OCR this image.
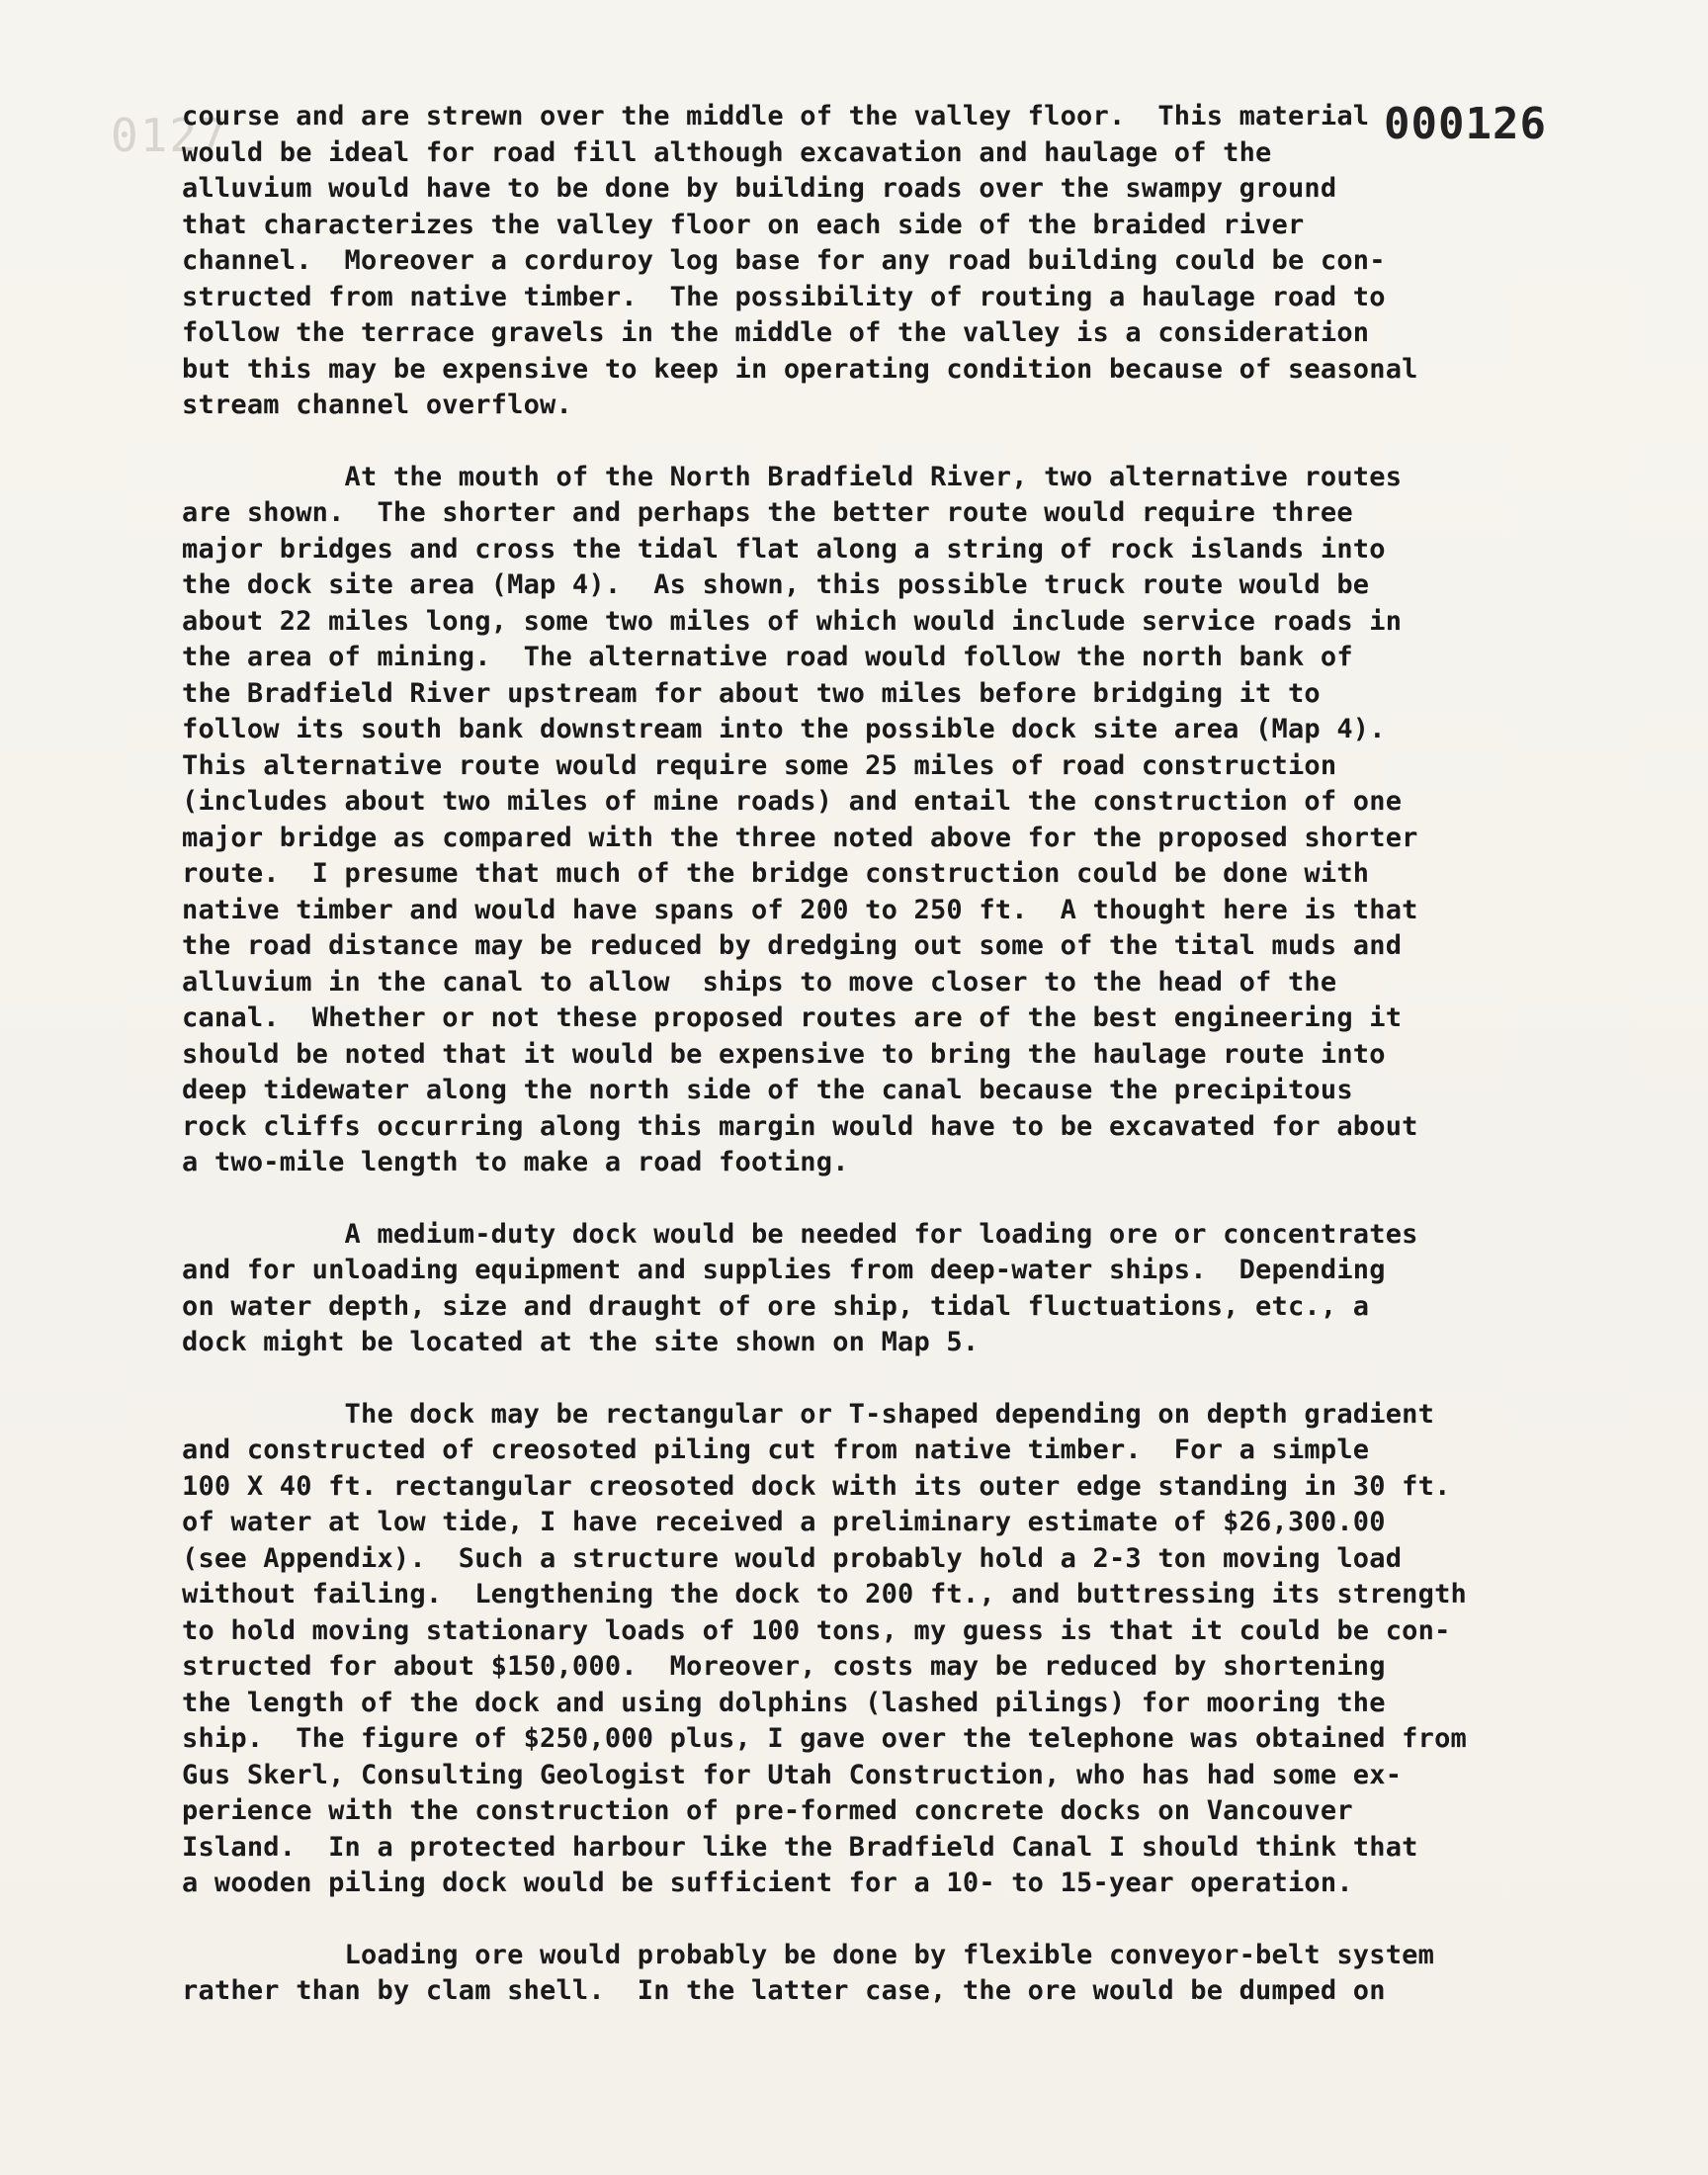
0127	000126
course and are strewn over the middle of the valley floor.  This material
would be ideal for road fill although excavation and haulage of the
alluvium would have to be done by building roads over the swampy ground
that characterizes the valley floor on each side of the braided river
channel.  Moreover a corduroy log base for any road building could be con-
structed from native timber.  The possibility of routing a haulage road to
follow the terrace gravels in the middle of the valley is a consideration
but this may be expensive to keep in operating condition because of seasonal
stream channel overflow.
At the mouth of the North Bradfield River, two alternative routes
are shown.  The shorter and perhaps the better route would require three
major bridges and cross the tidal flat along a string of rock islands into
the dock site area (Map 4).  As shown, this possible truck route would be
about 22 miles long, some two miles of which would include service roads in
the area of mining.  The alternative road would follow the north bank of
the Bradfield River upstream for about two miles before bridging it to
follow its south bank downstream into the possible dock site area (Map 4).
This alternative route would require some 25 miles of road construction
(includes about two miles of mine roads) and entail the construction of one
major bridge as compared with the three noted above for the proposed shorter
route.  I presume that much of the bridge construction could be done with
native timber and would have spans of 200 to 250 ft.  A thought here is that
the road distance may be reduced by dredging out some of the tital muds and
alluvium in the canal to allow  ships to move closer to the head of the
canal.  Whether or not these proposed routes are of the best engineering it
should be noted that it would be expensive to bring the haulage route into
deep tidewater along the north side of the canal because the precipitous
rock cliffs occurring along this margin would have to be excavated for about
a two-mile length to make a road footing.
A medium-duty dock would be needed for loading ore or concentrates
and for unloading equipment and supplies from deep-water ships.  Depending
on water depth, size and draught of ore ship, tidal fluctuations, etc., a
dock might be located at the site shown on Map 5.
The dock may be rectangular or T-shaped depending on depth gradient
and constructed of creosoted piling cut from native timber.  For a simple
100 X 40 ft. rectangular creosoted dock with its outer edge standing in 30 ft.
of water at low tide, I have received a preliminary estimate of $26,300.00
(see Appendix).  Such a structure would probably hold a 2-3 ton moving load
without failing.  Lengthening the dock to 200 ft., and buttressing its strength
to hold moving stationary loads of 100 tons, my guess is that it could be con-
structed for about $150,000.  Moreover, costs may be reduced by shortening
the length of the dock and using dolphins (lashed pilings) for mooring the
ship.  The figure of $250,000 plus, I gave over the telephone was obtained from
Gus Skerl, Consulting Geologist for Utah Construction, who has had some ex-
perience with the construction of pre-formed concrete docks on Vancouver
Island.  In a protected harbour like the Bradfield Canal I should think that
a wooden piling dock would be sufficient for a 10- to 15-year operation.
Loading ore would probably be done by flexible conveyor-belt system
rather than by clam shell.  In the latter case, the ore would be dumped on
